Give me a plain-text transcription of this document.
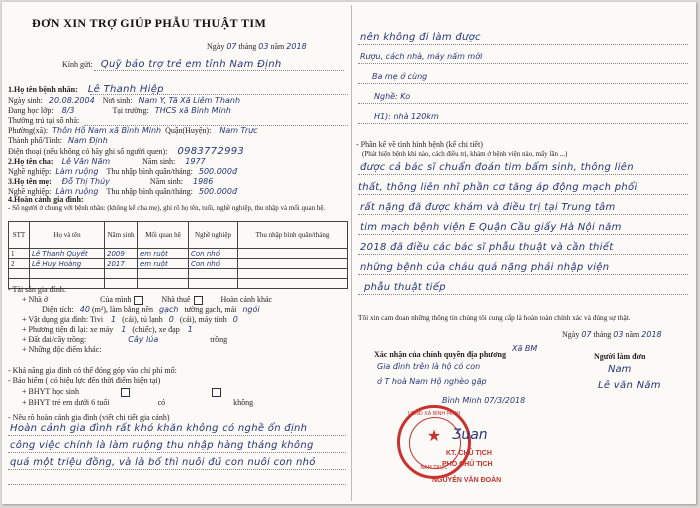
ĐƠN XIN TRỢ GIÚP PHẪU THUẬT TIM
Ngày 07 tháng 03 năm 2018
Kính gửi: Quỹ bảo trợ trẻ em tỉnh Nam Định
1.Họ tên bệnh nhân: Lê Thanh Hiệp
Ngày sinh: 20.08.2004 Nơi sinh: Nam Y, Tã Xã Liêm Thanh
Đang học lớp: 8/3	Tại trường: THCS xã Bình Minh
Thường trú tại số nhà:
Phường(xã): Thôn Hồ Nam xã Bình Minh Quận(Huyện): Nam Trực
Thành phố/Tỉnh: Nam Định
Điện thoại (nếu không có hãy ghi số người quen): 0983772993
2.Họ tên cha: Lê Văn Năm	Năm sinh: 1977
Nghề nghiệp: Làm ruộng Thu nhập bình quân/tháng: 500.000đ
3.Họ tên mẹ: Đỗ Thị Thúy	Năm sinh: 1986
Nghề nghiệp: Làm ruộng Thu nhập bình quân/tháng: 500.000đ
4.Hoàn cảnh gia đình:
- Số người ở chung với bệnh nhân: (không kể cha mẹ), ghi rõ họ tên, tuổi, nghề nghiệp, thu nhập và mối quan hệ.
STT	Họ và tên	Năm sinh	Mối quan hệ	Nghề nghiệp	Thu nhập bình quân/tháng
1	Lê Thanh Quyết	2009	em ruột	Con nhỏ	
2	Lê Huy Hoàng	2017	em ruột	Con nhỏ	

- Tài sản gia đình:
+ Nhà ở	Của mình	Nhà thuê	Hoàn cảnh khác
Diện tích: 40 (m²), làm bằng nền gạch tường gạch, mái ngói
+ Vật dụng gia đình: Tivi 1 (cái), tủ lạnh 0 (cái), máy tính 0
+ Phương tiện đi lại: xe máy 1 (chiếc), xe đạp 1
+ Đất đai/cây trồng:	Cây lúa	trồng
+ Những độc điểm khác:
- Khả năng gia đình có thể đóng góp vào chi phí mổ:
- Bảo hiểm ( có hiệu lực đến thời điểm hiện tại)
+ BHYT học sinh
+ BHYT trẻ em dưới 6 tuổi	có	không
- Nêu rõ hoàn cảnh gia đình (viết chi tiết gia cảnh)
Hoàn cảnh gia đình rất khó khăn không có nghề ổn định
công việc chính là làm ruộng thu nhập hàng tháng không
quá một triệu đồng, và là bố thì nuôi đủ con nuôi con nhỏ
nên không đi làm được
Rượu, cách nhà, máy nấm mới
Ba mẹ ở cùng
Nghề: Ko
H1): nhà 120km
- Phần kể về tình hình bệnh (kể chi tiết)
(Phát hiện bệnh khi nào, cách điều trị, khám ở bệnh viện nào, mấy lần ...)
được cả bác sĩ chuẩn đoán tim bẩm sinh, thông liên
thất, thông liên nhĩ phần cơ tăng áp động mạch phổi
rất nặng đã được khám và điều trị tại Trung tâm
tim mạch bệnh viện E Quận Cầu giấy Hà Nội năm
2018 đã điều các bác sĩ phẫu thuật và cần thiết
những bệnh của cháu quá nặng phải nhập viện
phẫu thuật tiếp
Tôi xin cam đoan những thông tin chúng tôi cung cấp là hoàn toàn chính xác và đúng sự thật.
Ngày 07 tháng 03 năm 2018
Xác nhận của chính quyền địa phương	Người làm đơn
Xã BM
Gia đình trên là hộ có con
ở T hoà Nam Hộ nghèo gặp
Bình Minh 07/3/2018
Nam
Lê văn Năm
UBND XÃ BÌNH MINH
★
NAM TRỰC
Ʒuan
KT. CHỦ TỊCH
PHÓ CHỦ TỊCH
NGUYỄN VĂN ĐOÀN
